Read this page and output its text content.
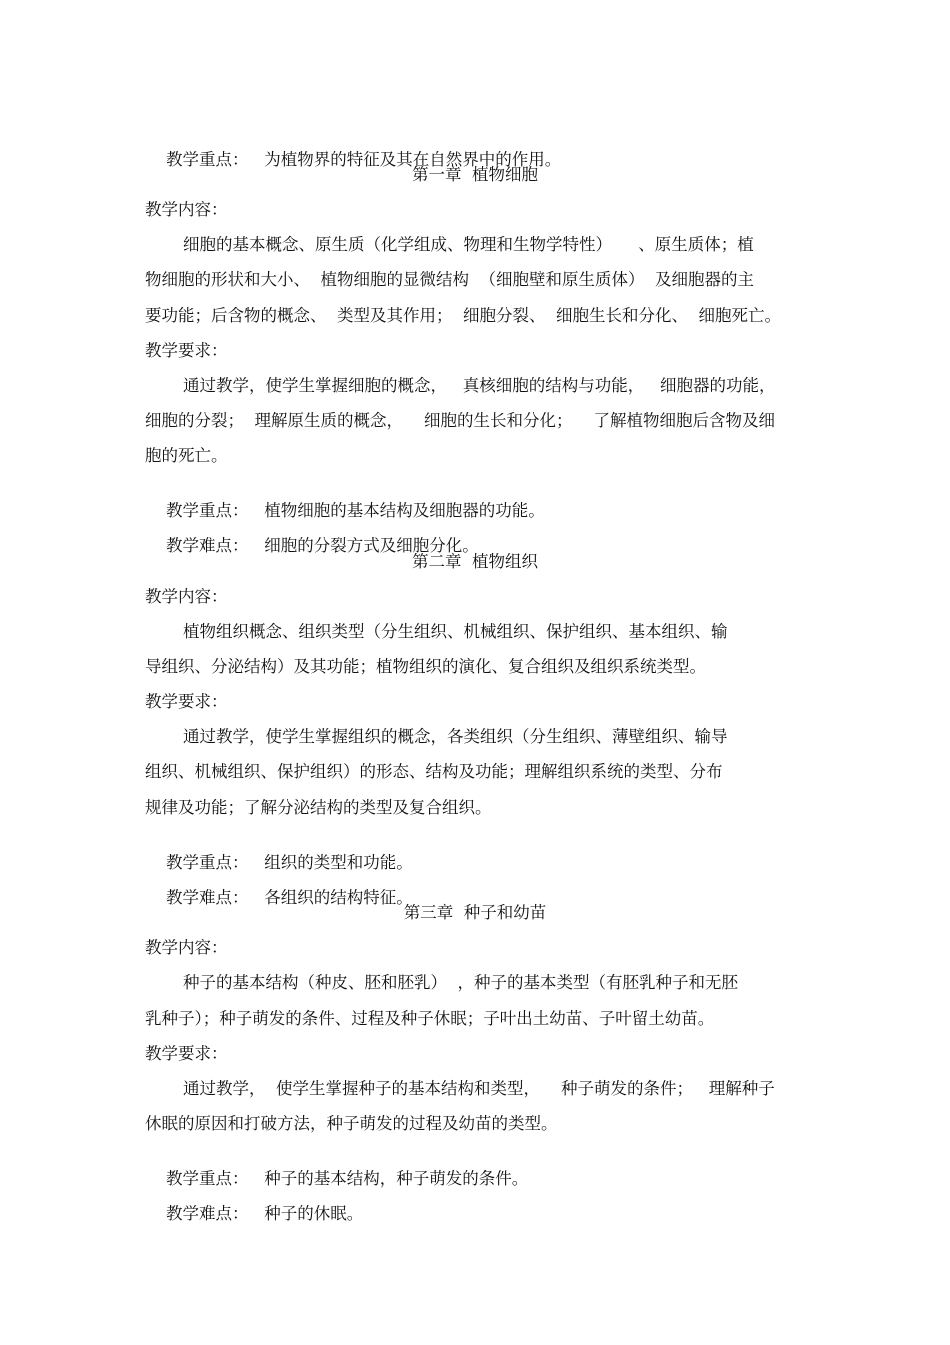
教学重点： 为植物界的特征及其在自然界中的作用。

第一章  植物细胞
教学内容：
细胞的基本概念、原生质（化学组成、物理和生物学特性）     、原生质体；植
物细胞的形状和大小、  植物细胞的显微结构  （细胞壁和原生质体）  及细胞器的主
要功能；后含物的概念、  类型及其作用；  细胞分裂、  细胞生长和分化、  细胞死亡。
教学要求：
通过教学，使学生掌握细胞的概念，   真核细胞的结构与功能，   细胞器的功能，
细胞的分裂；  理解原生质的概念，    细胞的生长和分化；    了解植物细胞后含物及细
胞的死亡。

教学重点： 植物细胞的基本结构及细胞器的功能。

教学难点： 细胞的分裂方式及细胞分化。

第二章  植物组织
教学内容：
植物组织概念、组织类型（分生组织、机械组织、保护组织、基本组织、输
导组织、分泌结构）及其功能；植物组织的演化、复合组织及组织系统类型。
教学要求：
通过教学，使学生掌握组织的概念，各类组织（分生组织、薄壁组织、输导
组织、机械组织、保护组织）的形态、结构及功能；理解组织系统的类型、分布
规律及功能；了解分泌结构的类型及复合组织。

教学重点： 组织的类型和功能。

教学难点： 各组织的结构特征。

第三章  种子和幼苗
教学内容：
种子的基本结构（种皮、胚和胚乳）  ，种子的基本类型（有胚乳种子和无胚
乳种子）；种子萌发的条件、过程及种子休眠；子叶出土幼苗、子叶留土幼苗。
教学要求：
通过教学，  使学生掌握种子的基本结构和类型，    种子萌发的条件；   理解种子
休眠的原因和打破方法，种子萌发的过程及幼苗的类型。

教学重点： 种子的基本结构，种子萌发的条件。

教学难点： 种子的休眠。
